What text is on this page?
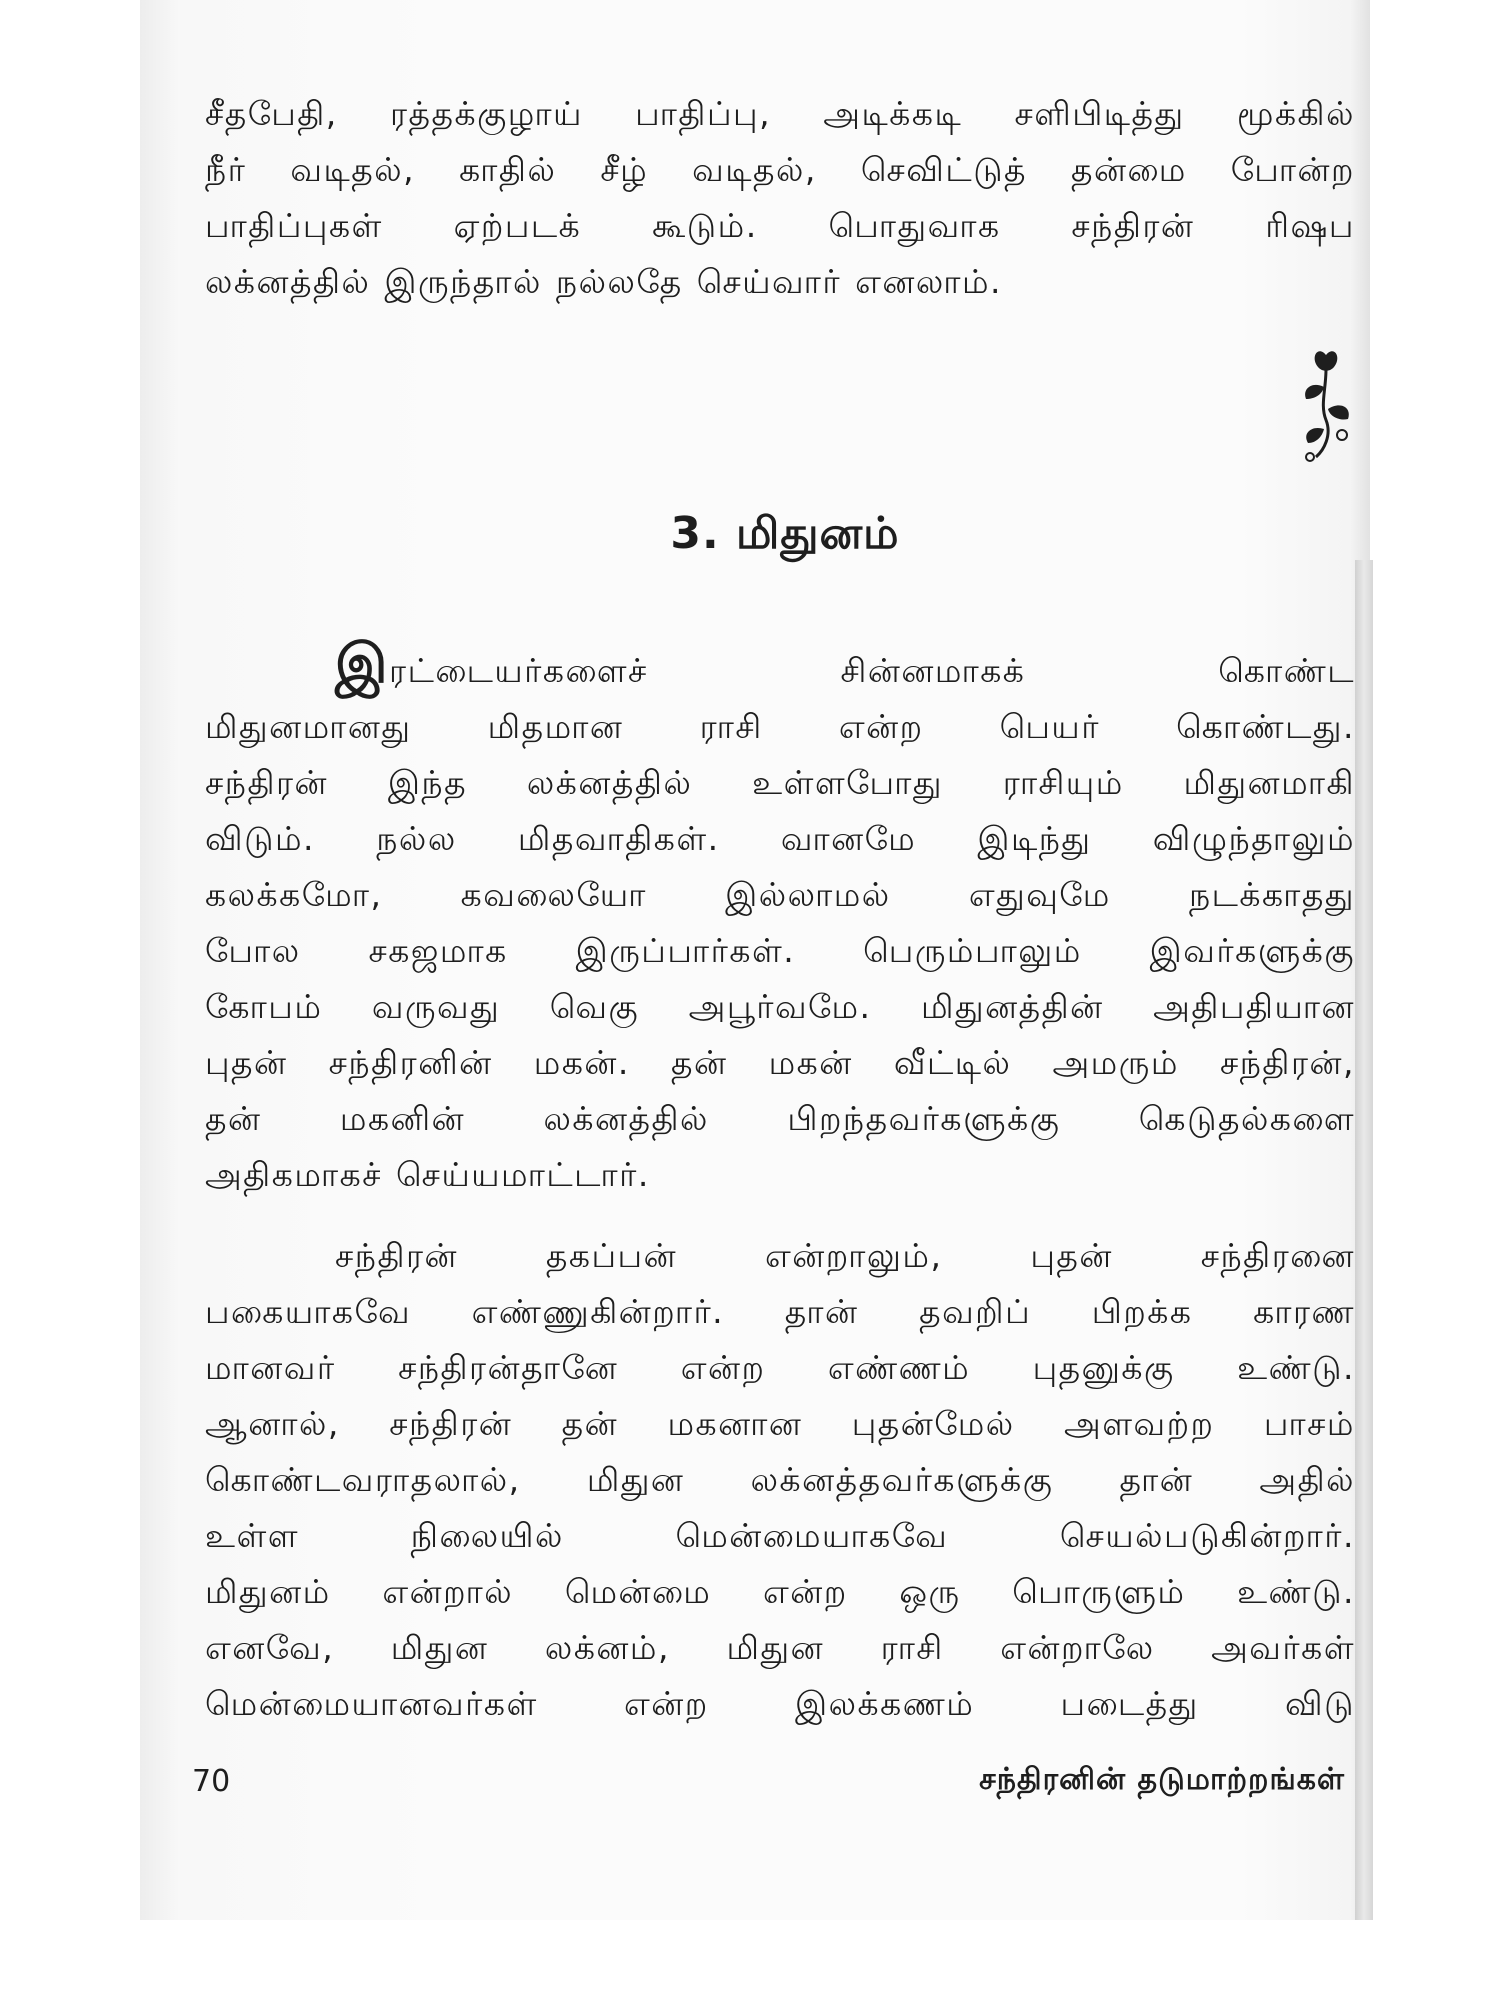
சீதபேதி, ரத்தக்குழாய் பாதிப்பு, அடிக்கடி சளிபிடித்து மூக்கில்
நீர் வடிதல், காதில் சீழ் வடிதல், செவிட்டுத் தன்மை போன்ற
பாதிப்புகள் ஏற்படக் கூடும். பொதுவாக சந்திரன் ரிஷப
லக்னத்தில் இருந்தால் நல்லதே செய்வார் எனலாம்.
3. மிதுனம்
இரட்டையர்களைச் சின்னமாகக் கொண்ட
மிதுனமானது மிதமான ராசி என்ற பெயர் கொண்டது.
சந்திரன் இந்த லக்னத்தில் உள்ளபோது ராசியும் மிதுனமாகி
விடும். நல்ல மிதவாதிகள். வானமே இடிந்து விழுந்தாலும்
கலக்கமோ, கவலையோ இல்லாமல் எதுவுமே நடக்காதது
போல சகஜமாக இருப்பார்கள். பெரும்பாலும் இவர்களுக்கு
கோபம் வருவது வெகு அபூர்வமே. மிதுனத்தின் அதிபதியான
புதன் சந்திரனின் மகன். தன் மகன் வீட்டில் அமரும் சந்திரன்,
தன் மகனின் லக்னத்தில் பிறந்தவர்களுக்கு கெடுதல்களை
அதிகமாகச் செய்யமாட்டார்.
சந்திரன் தகப்பன் என்றாலும், புதன் சந்திரனை
பகையாகவே எண்ணுகின்றார். தான் தவறிப் பிறக்க காரண
மானவர் சந்திரன்தானே என்ற எண்ணம் புதனுக்கு உண்டு.
ஆனால், சந்திரன் தன் மகனான புதன்மேல் அளவற்ற பாசம்
கொண்டவராதலால், மிதுன லக்னத்தவர்களுக்கு தான் அதில்
உள்ள நிலையில் மென்மையாகவே செயல்படுகின்றார்.
மிதுனம் என்றால் மென்மை என்ற ஒரு பொருளும் உண்டு.
எனவே, மிதுன லக்னம், மிதுன ராசி என்றாலே அவர்கள்
மென்மையானவர்கள் என்ற இலக்கணம் படைத்து விடு
70	சந்திரனின் தடுமாற்றங்கள்
